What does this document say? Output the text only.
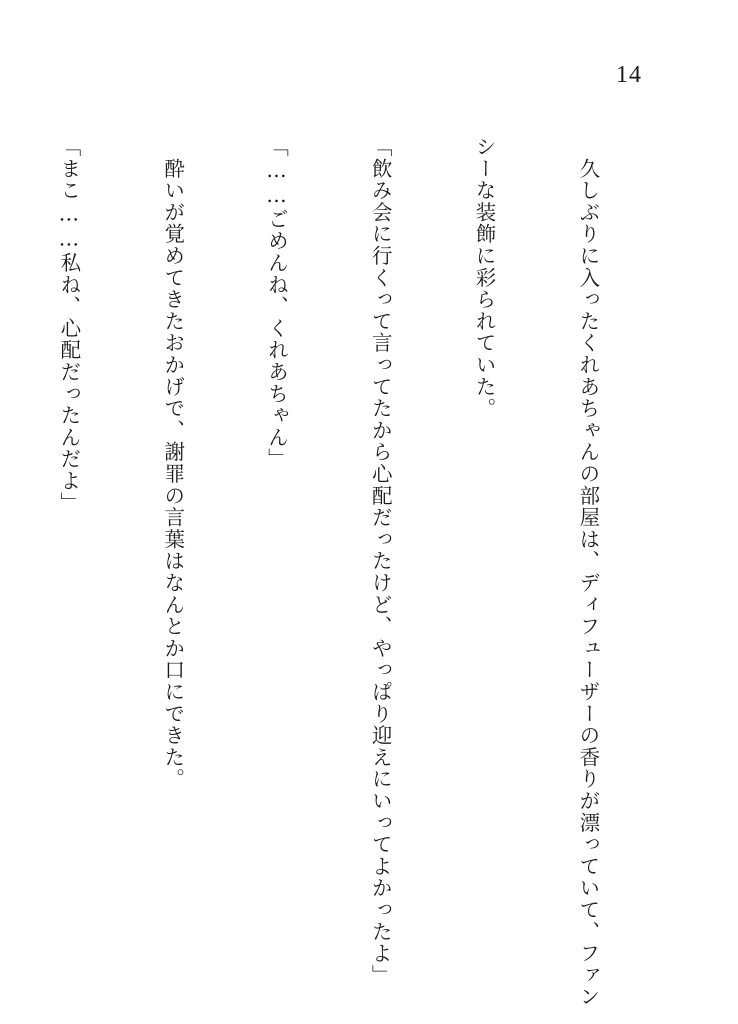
14

　久しぶりに入ったくれあちゃんの部屋は、ディフューザーの香りが漂っていて、ファン

シーな装飾に彩られていた。

「飲み会に行くって言ってたから心配だったけど、やっぱり迎えにいってよかったよ」

「……ごめんね、くれあちゃん」

　酔いが覚めてきたおかげで、謝罪の言葉はなんとか口にできた。

「まこ……私ね、心配だったんだよ」
